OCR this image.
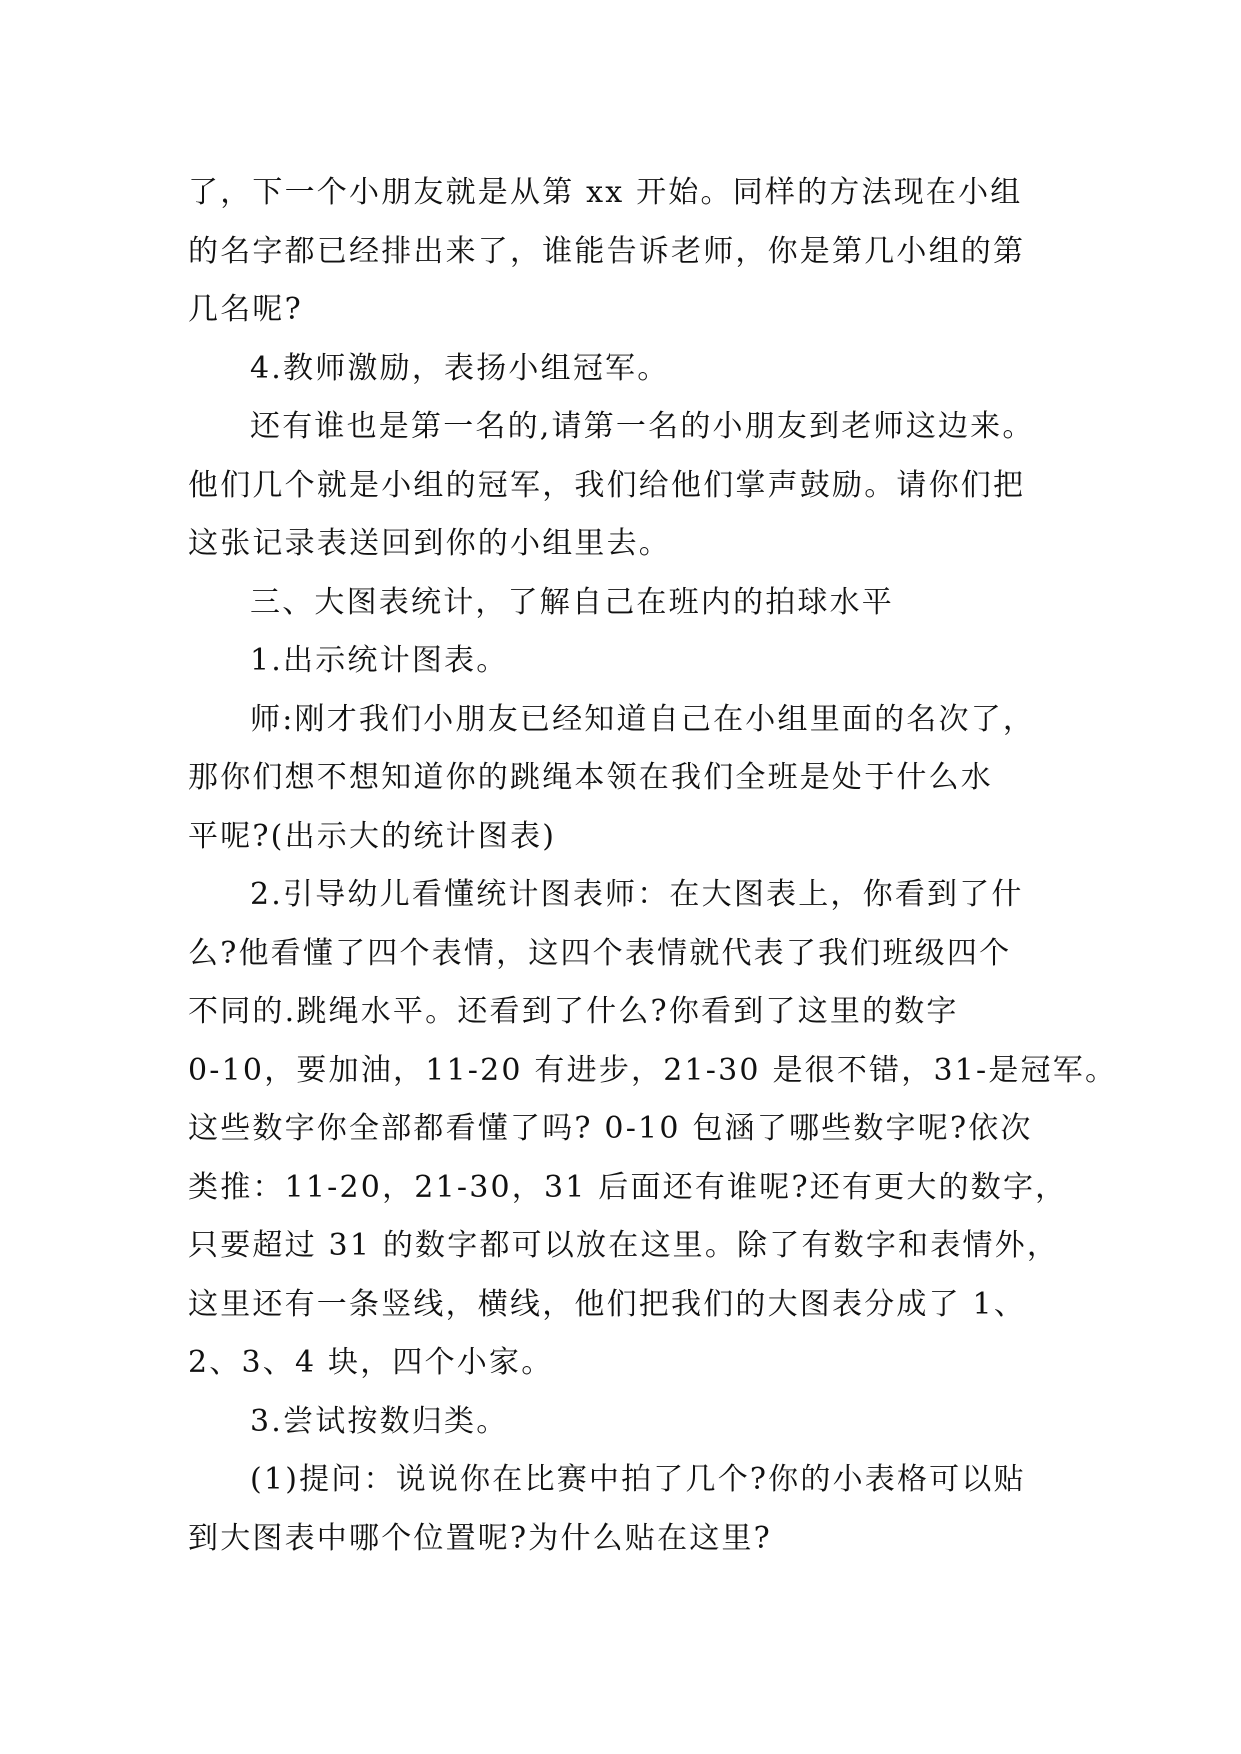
了，下一个小朋友就是从第 xx 开始。同样的方法现在小组
的名字都已经排出来了，谁能告诉老师，你是第几小组的第
几名呢?
4.教师激励，表扬小组冠军。
还有谁也是第一名的,请第一名的小朋友到老师这边来。
他们几个就是小组的冠军，我们给他们掌声鼓励。请你们把
这张记录表送回到你的小组里去。
三、大图表统计，了解自己在班内的拍球水平
1.出示统计图表。
师:刚才我们小朋友已经知道自己在小组里面的名次了，
那你们想不想知道你的跳绳本领在我们全班是处于什么水
平呢?(出示大的统计图表)
2.引导幼儿看懂统计图表师：在大图表上，你看到了什
么?他看懂了四个表情，这四个表情就代表了我们班级四个
不同的.跳绳水平。还看到了什么?你看到了这里的数字
0-10，要加油，11-20 有进步，21-30 是很不错，31-是冠军。
这些数字你全部都看懂了吗? 0-10 包涵了哪些数字呢?依次
类推：11-20，21-30，31 后面还有谁呢?还有更大的数字，
只要超过 31 的数字都可以放在这里。除了有数字和表情外，
这里还有一条竖线，横线，他们把我们的大图表分成了 1、
2、3、4 块，四个小家。
3.尝试按数归类。
(1)提问：说说你在比赛中拍了几个?你的小表格可以贴
到大图表中哪个位置呢?为什么贴在这里?
